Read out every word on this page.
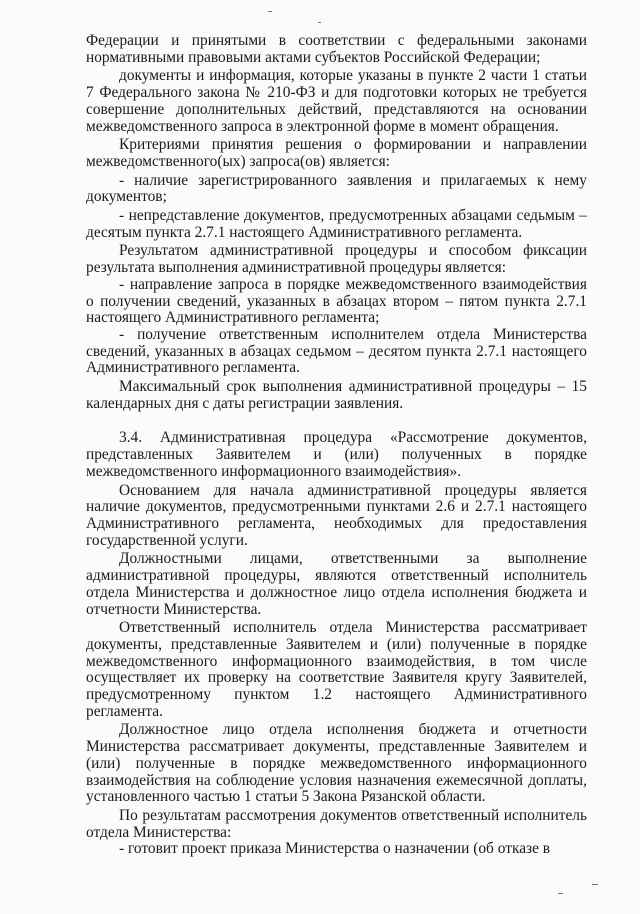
Федерации и принятыми в соответствии с федеральными законами нормативными правовыми актами субъектов Российской Федерации;

документы и информация, которые указаны в пункте 2 части 1 статьи 7 Федерального закона № 210-ФЗ и для подготовки которых не требуется совершение дополнительных действий, представляются на основании межведомственного запроса в электронной форме в момент обращения.

Критериями принятия решения о формировании и направлении межведомственного(ых) запроса(ов) является:

- наличие зарегистрированного заявления и прилагаемых к нему документов;

- непредставление документов, предусмотренных абзацами седьмым – десятым пункта 2.7.1 настоящего Административного регламента.

Результатом административной процедуры и способом фиксации результата выполнения административной процедуры является:

- направление запроса в порядке межведомственного взаимодействия о получении сведений, указанных в абзацах втором – пятом пункта 2.7.1 настоящего Административного регламента;

- получение ответственным исполнителем отдела Министерства сведений, указанных в абзацах седьмом – десятом пункта 2.7.1 настоящего Административного регламента.

Максимальный срок выполнения административной процедуры – 15 календарных дня с даты регистрации заявления.

3.4. Административная процедура «Рассмотрение документов, представленных Заявителем и (или) полученных в порядке межведомственного информационного взаимодействия».

Основанием для начала административной процедуры является наличие документов, предусмотренными пунктами 2.6 и 2.7.1 настоящего Административного регламента, необходимых для предоставления государственной услуги.

Должностными лицами, ответственными за выполнение административной процедуры, являются ответственный исполнитель отдела Министерства и должностное лицо отдела исполнения бюджета и отчетности Министерства.

Ответственный исполнитель отдела Министерства рассматривает документы, представленные Заявителем и (или) полученные в порядке межведомственного информационного взаимодействия, в том числе осуществляет их проверку на соответствие Заявителя кругу Заявителей, предусмотренному пунктом 1.2 настоящего Административного регламента.

Должностное лицо отдела исполнения бюджета и отчетности Министерства рассматривает документы, представленные Заявителем и (или) полученные в порядке межведомственного информационного взаимодействия на соблюдение условия назначения ежемесячной доплаты, установленного частью 1 статьи 5 Закона Рязанской области.

По результатам рассмотрения документов ответственный исполнитель отдела Министерства:

- готовит проект приказа Министерства о назначении (об отказе в
